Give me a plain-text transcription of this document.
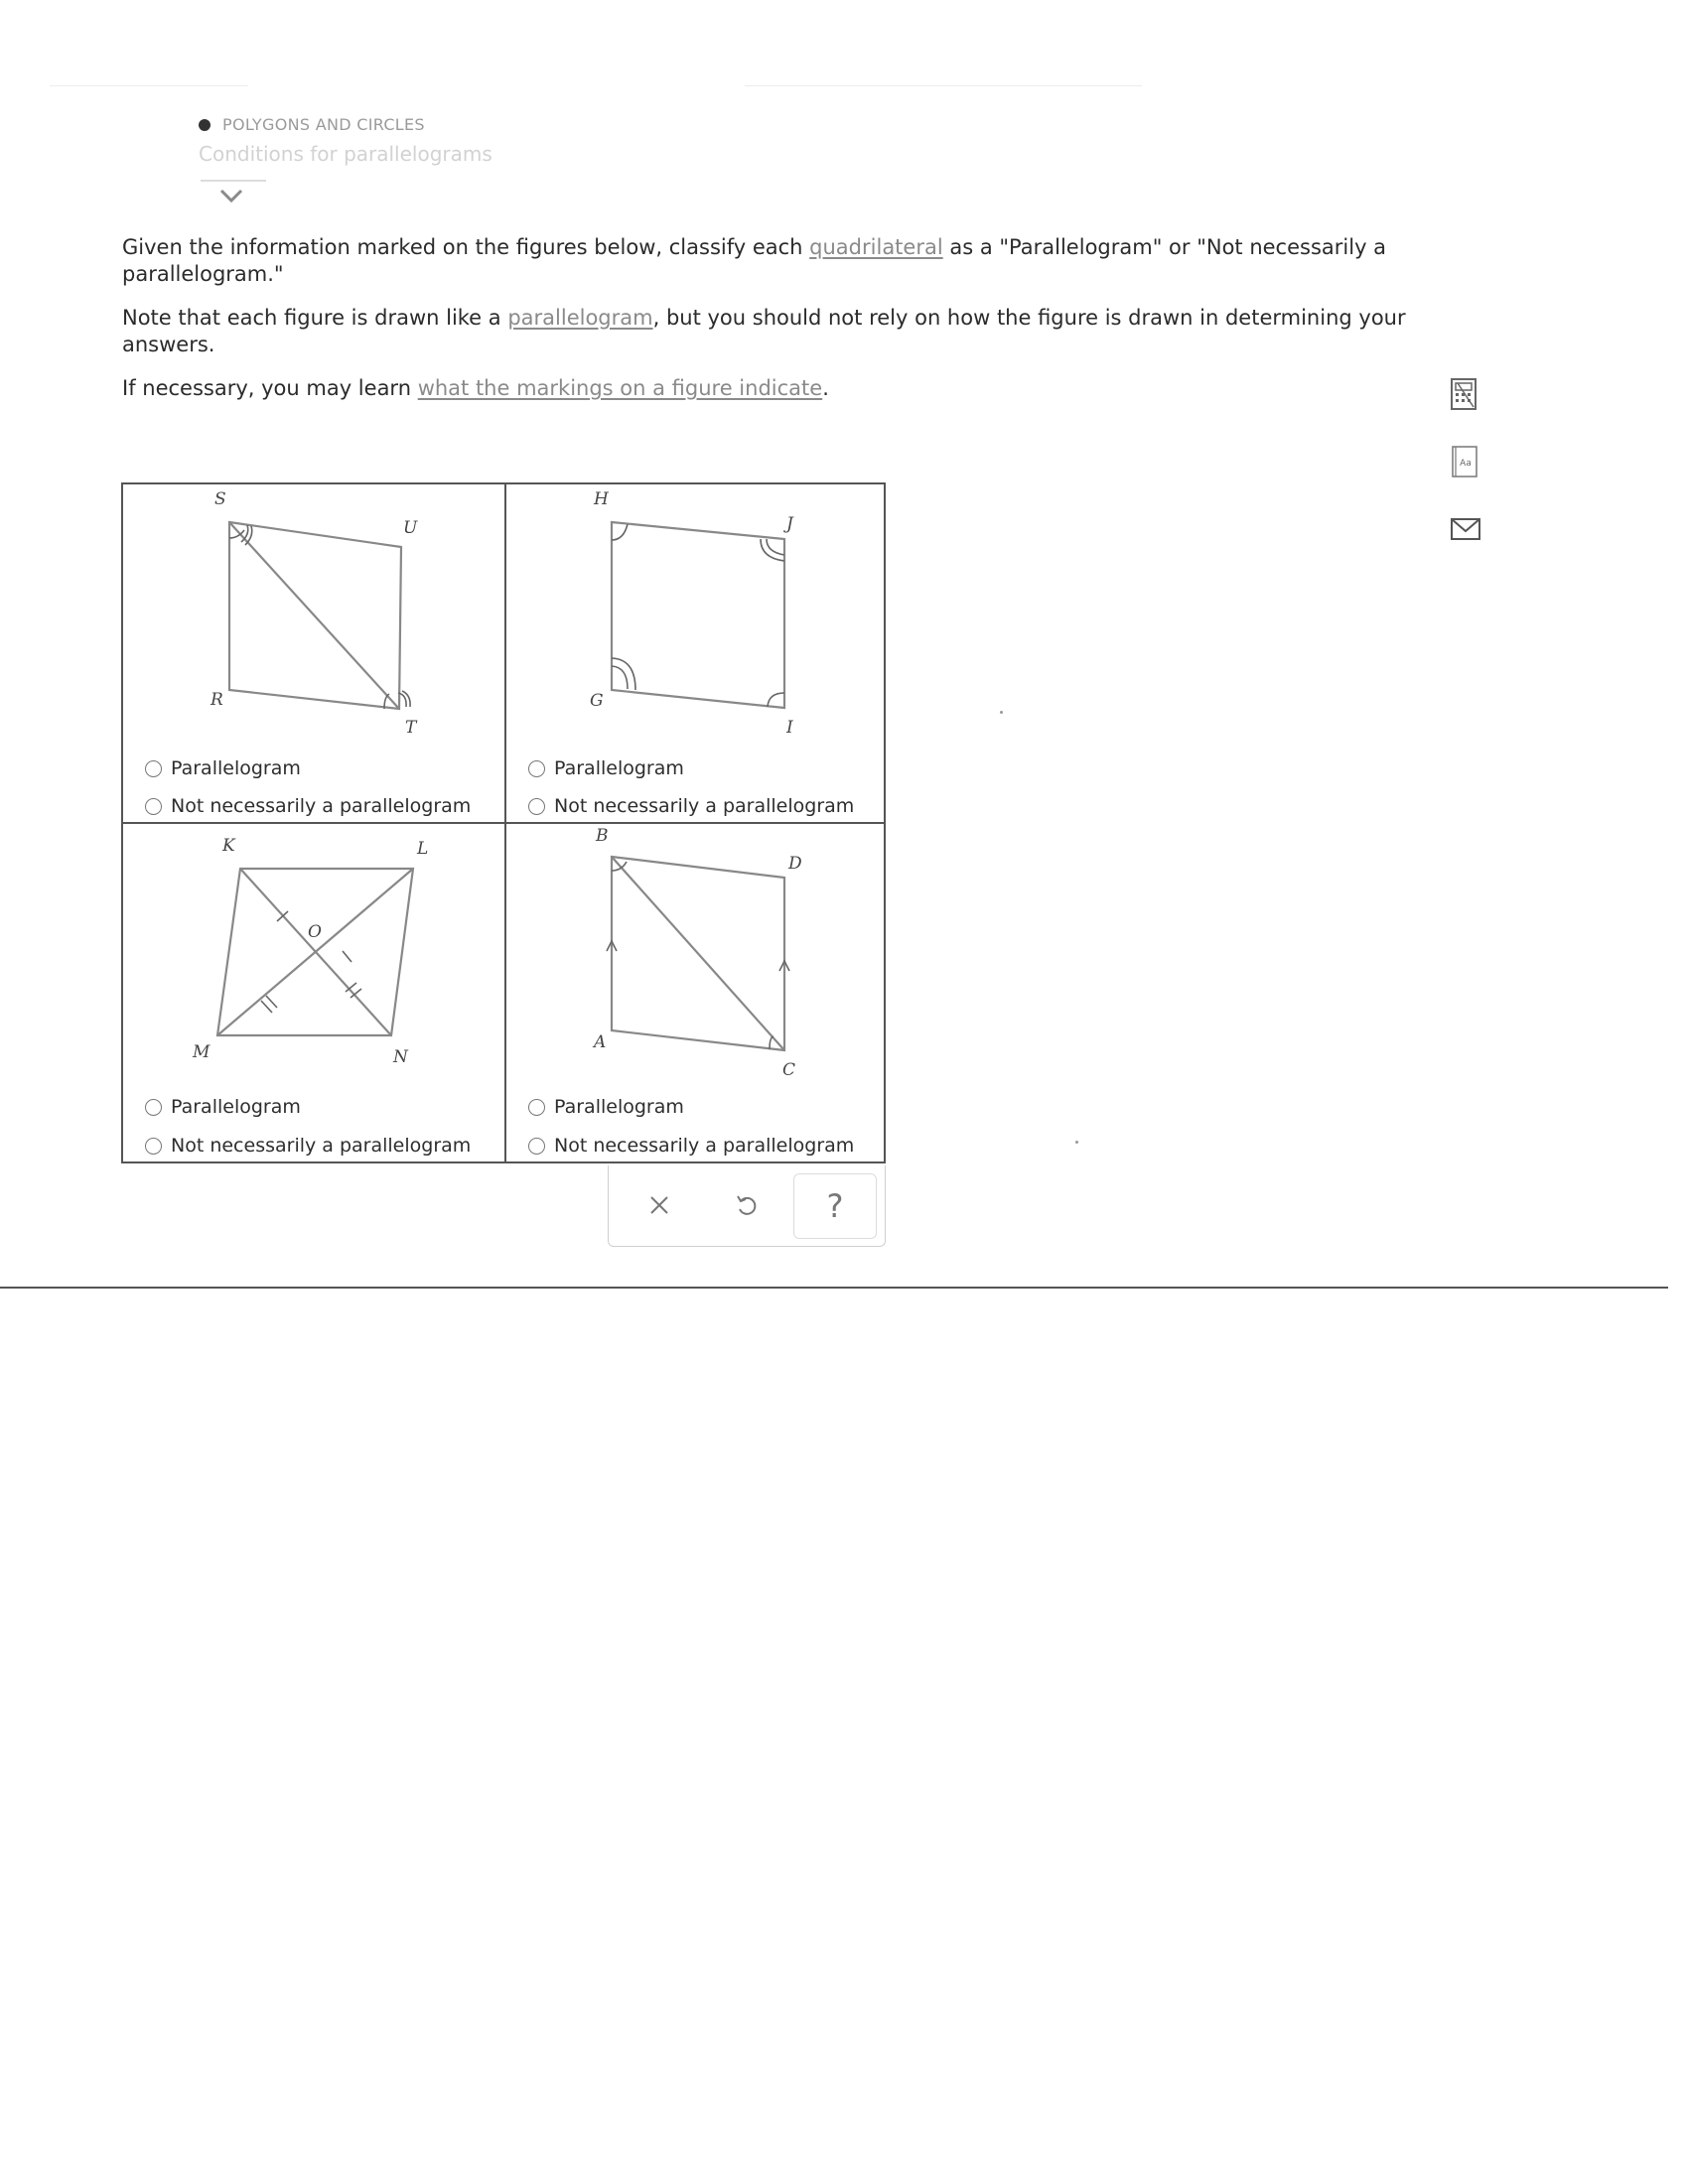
POLYGONS AND CIRCLES
Conditions for parallelograms

Given the information marked on the figures below, classify each quadrilateral as a "Parallelogram" or "Not necessarily a parallelogram."

Note that each figure is drawn like a parallelogram, but you should not rely on how the figure is drawn in determining your answers.

If necessary, you may learn what the markings on a figure indicate.

Aa
S
U
T
R
Parallelogram
Not necessarily a parallelogram
H
J
I
G
Parallelogram
Not necessarily a parallelogram
K	L
N
M
O
Parallelogram
Not necessarily a parallelogram
B
D
C
A
Parallelogram
Not necessarily a parallelogram
?
